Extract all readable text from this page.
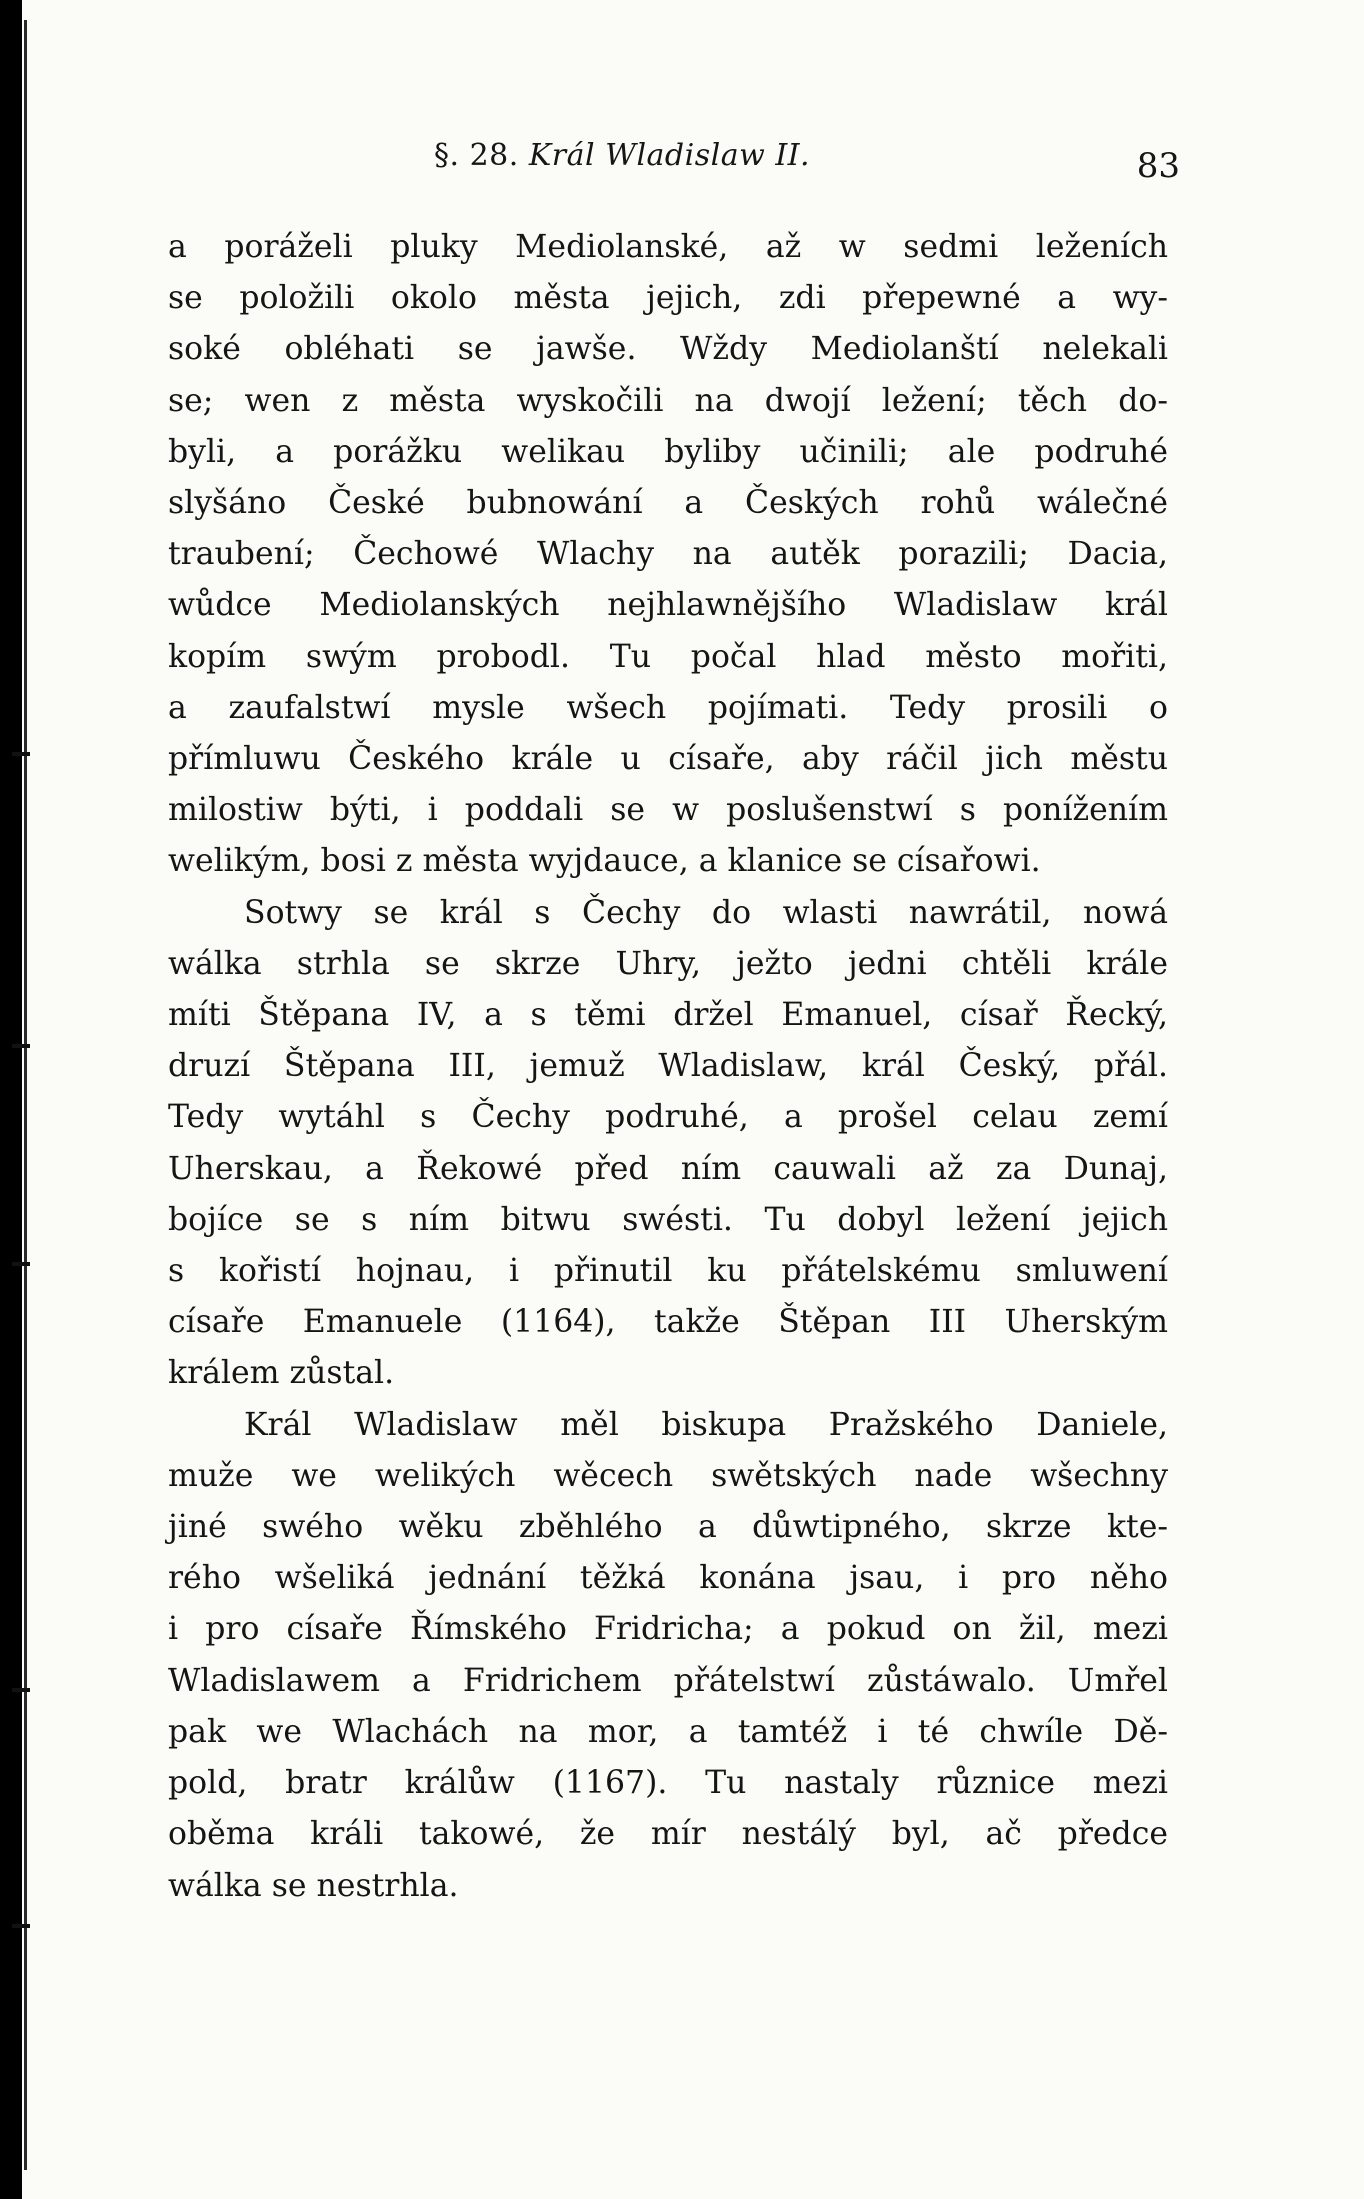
§. 28. Král Wladislaw II.	83
a poráželi pluky Mediolanské, až w sedmi leženích
se položili okolo města jejich, zdi přepewné a wy-
soké obléhati se jawše. Wždy Mediolanští nelekali
se; wen z města wyskočili na dwojí ležení; těch do-
byli, a porážku welikau byliby učinili; ale podruhé
slyšáno České bubnowání a Českých rohů wálečné
traubení; Čechowé Wlachy na autěk porazili; Dacia,
wůdce Mediolanských nejhlawnějšího Wladislaw král
kopím swým probodl. Tu počal hlad město mořiti,
a zaufalstwí mysle wšech pojímati. Tedy prosili o
přímluwu Českého krále u císaře, aby ráčil jich městu
milostiw býti, i poddali se w poslušenstwí s ponížením
welikým, bosi z města wyjdauce, a klanice se císařowi.
Sotwy se král s Čechy do wlasti nawrátil, nowá
wálka strhla se skrze Uhry, ježto jedni chtěli krále
míti Štěpana IV, a s těmi držel Emanuel, císař Řecký,
druzí Štěpana III, jemuž Wladislaw, král Český, přál.
Tedy wytáhl s Čechy podruhé, a prošel celau zemí
Uherskau, a Řekowé před ním cauwali až za Dunaj,
bojíce se s ním bitwu swésti. Tu dobyl ležení jejich
s kořistí hojnau, i přinutil ku přátelskému smluwení
císaře Emanuele (1164), takže Štěpan III Uherským
králem zůstal.
Král Wladislaw měl biskupa Pražského Daniele,
muže we welikých wěcech swětských nade wšechny
jiné swého wěku zběhlého a důwtipného, skrze kte-
rého wšeliká jednání těžká konána jsau, i pro něho
i pro císaře Římského Fridricha; a pokud on žil, mezi
Wladislawem a Fridrichem přátelstwí zůstáwalo. Umřel
pak we Wlachách na mor, a tamtéž i té chwíle Dě-
pold, bratr králůw (1167). Tu nastaly různice mezi
oběma králi takowé, že mír nestálý byl, ač předce
wálka se nestrhla.
